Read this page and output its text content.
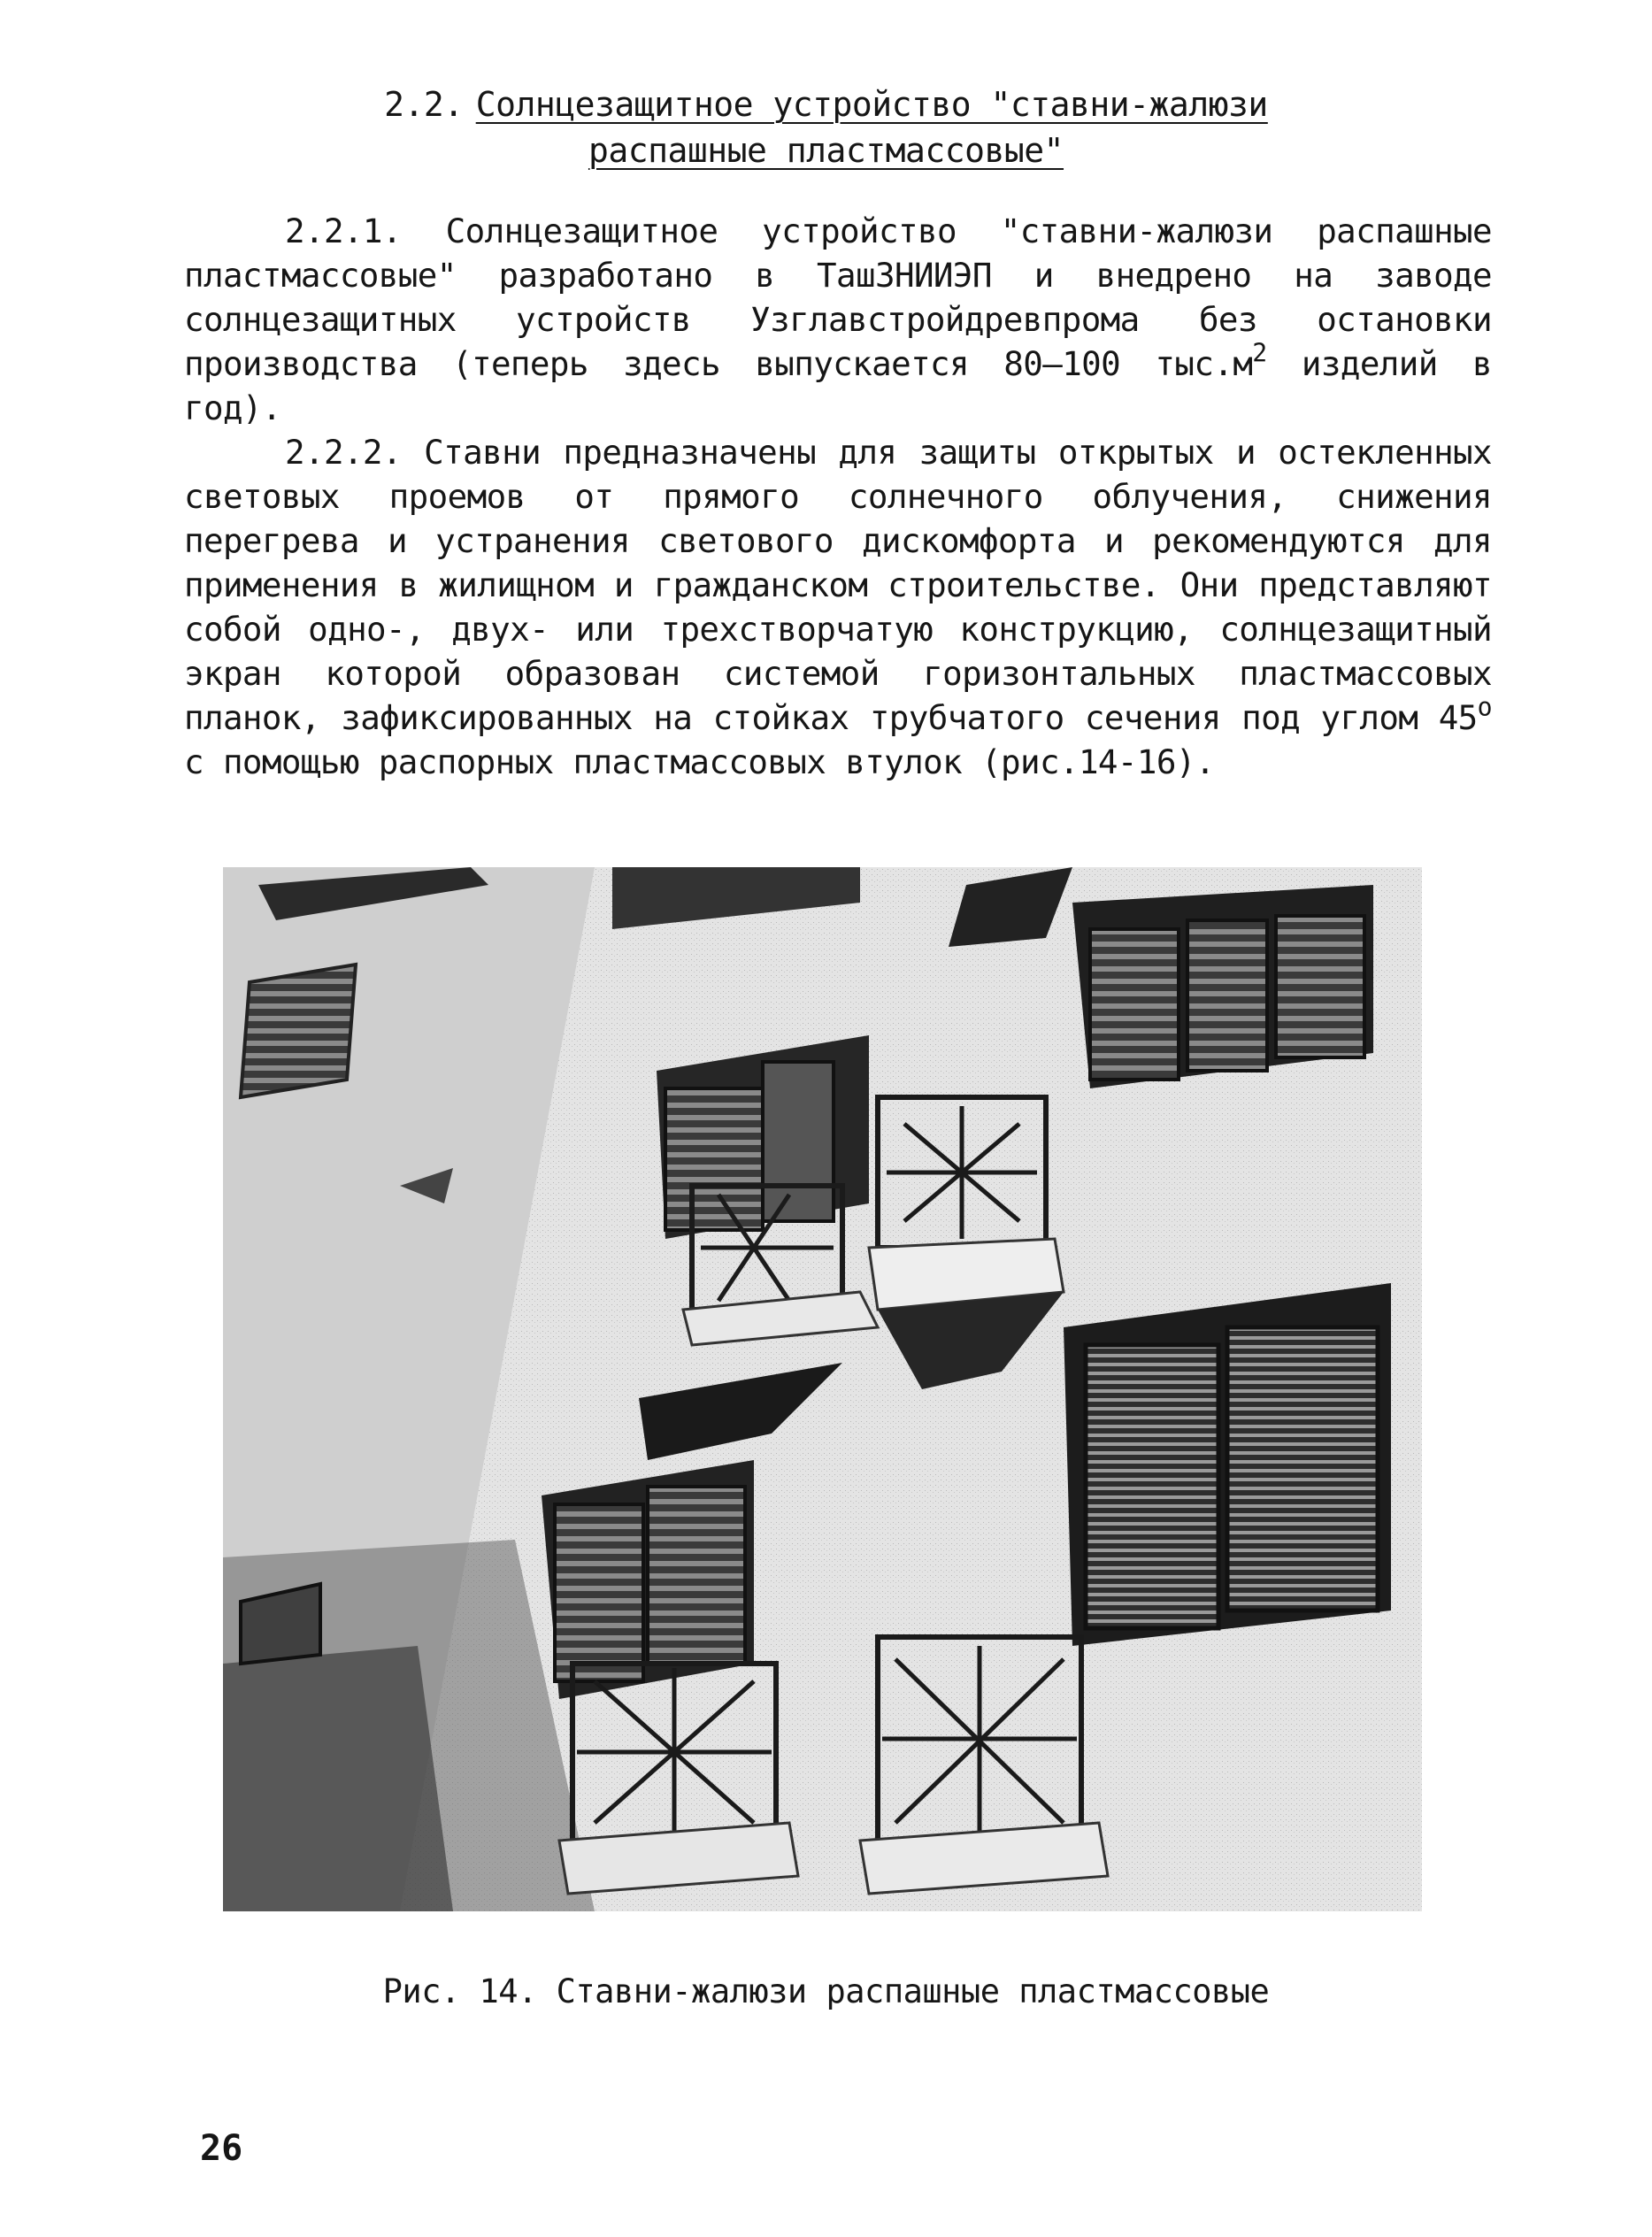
2.2. Солнцезащитное устройство "ставни-жалюзи
распашные пластмассовые"

2.2.1. Солнцезащитное устройство "ставни-жалюзи распашные пластмассовые" разработано в ТашЗНИИЭП и внедрено на заводе солнцезащитных устройств Узглавстройдревпрома без остановки производства (теперь здесь выпускается 80–100 $тыс.м^2$ изделий в год).

2.2.2. Ставни предназначены для защиты открытых и остекленных световых проемов от прямого солнечного облучения, снижения перегрева и устранения светового дискомфорта и рекомендуются для применения в жилищном и гражданском строительстве. Они представляют собой одно-, двух- или трехстворчатую конструкцию, солнцезащитный экран которой образован системой горизонтальных пластмассовых планок, зафиксированных на стойках трубчатого сечения под углом $45^о$ с помощью распорных пластмассовых втулок (рис.14-16).

Рис. 14. Ставни-жалюзи распашные пластмассовые
26
